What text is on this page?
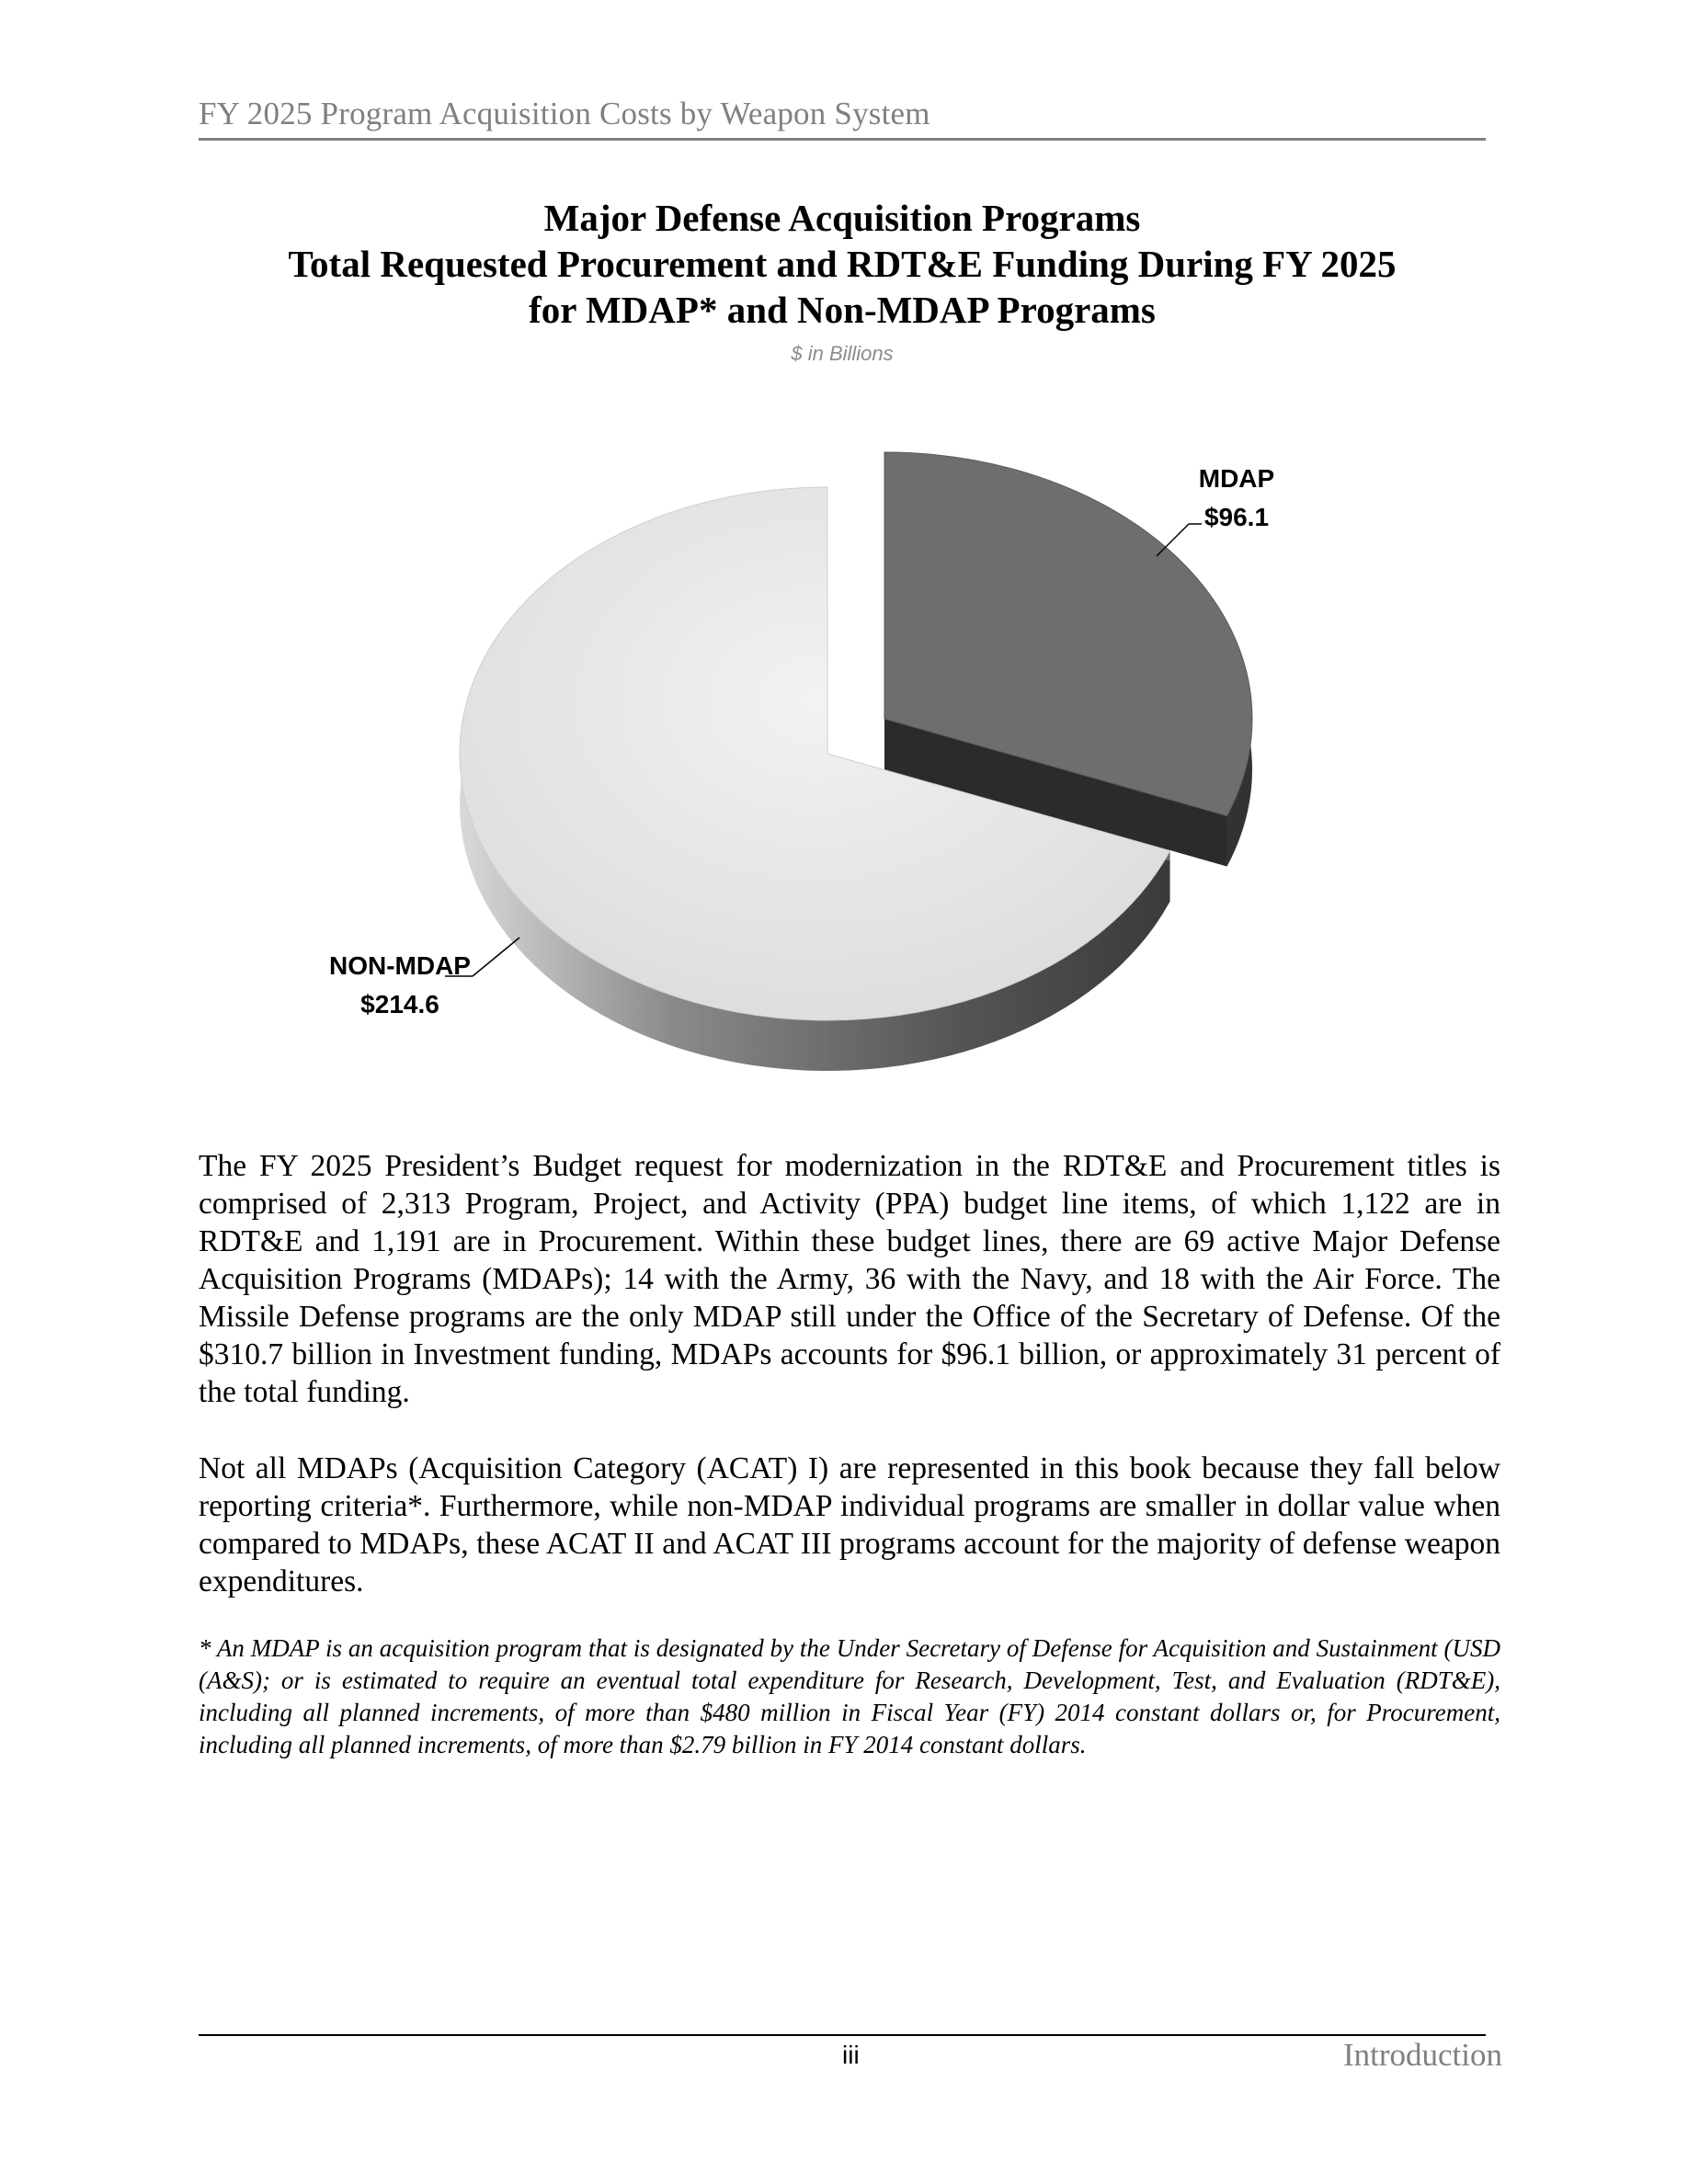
FY 2025 Program Acquisition Costs by Weapon System
Major Defense Acquisition Programs
Total Requested Procurement and RDT&E Funding During FY 2025
for MDAP* and Non-MDAP Programs
$ in Billions
MDAP
$96.1
NON-MDAP
$214.6
The FY 2025 President’s Budget request for modernization in the RDT&E and Procurement titles is comprised of 2,313 Program, Project, and Activity (PPA) budget line items, of which 1,122 are in RDT&E and 1,191 are in Procurement. Within these budget lines, there are 69 active Major Defense Acquisition Programs (MDAPs); 14 with the Army, 36 with the Navy, and 18 with the Air Force. The Missile Defense programs are the only MDAP still under the Office of the Secretary of Defense. Of the $310.7 billion in Investment funding, MDAPs accounts for $96.1 billion, or approximately 31 percent of the total funding.
Not all MDAPs (Acquisition Category (ACAT) I) are represented in this book because they fall below reporting criteria*. Furthermore, while non-MDAP individual programs are smaller in dollar value when compared to MDAPs, these ACAT II and ACAT III programs account for the majority of defense weapon expenditures.
* An MDAP is an acquisition program that is designated by the Under Secretary of Defense for Acquisition and Sustainment (USD (A&S); or is estimated to require an eventual total expenditure for Research, Development, Test, and Evaluation (RDT&E), including all planned increments, of more than $480 million in Fiscal Year (FY) 2014 constant dollars or, for Procurement, including all planned increments, of more than $2.79 billion in FY 2014 constant dollars.
iii	Introduction
